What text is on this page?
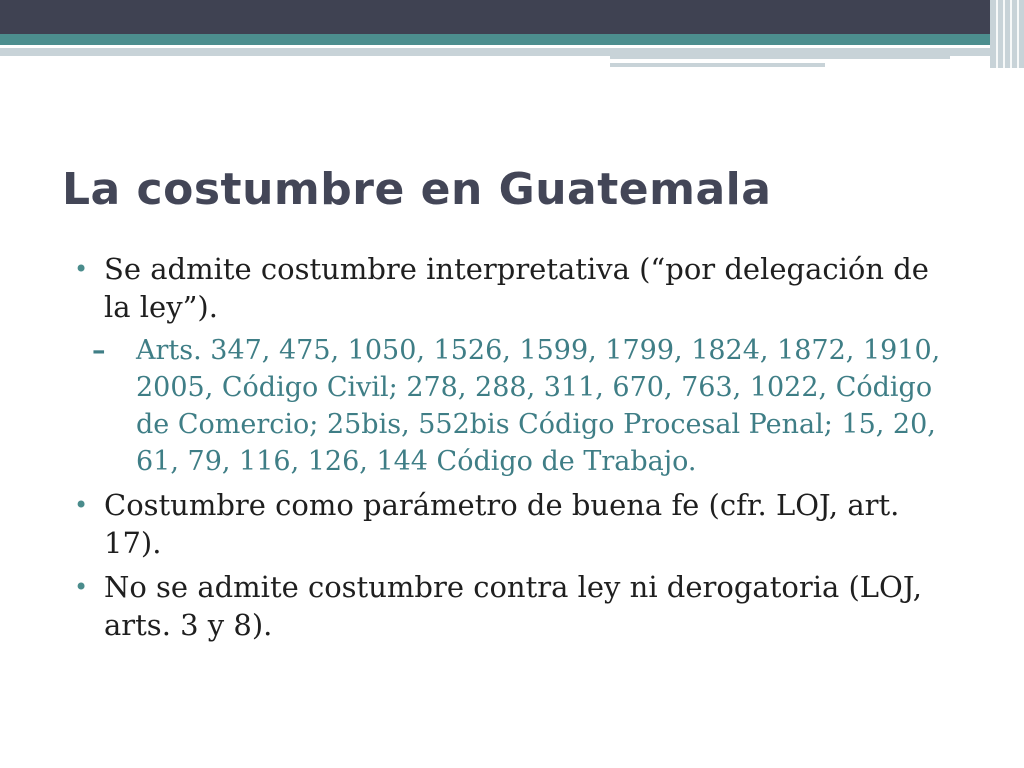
La costumbre en Guatemala
• Se admite costumbre interpretativa (“por delegación de la ley”).
– Arts. 347, 475, 1050, 1526, 1599, 1799, 1824, 1872, 1910, 2005, Código Civil; 278, 288, 311, 670, 763, 1022, Código de Comercio; 25bis, 552bis Código Procesal Penal; 15, 20, 61, 79, 116, 126, 144 Código de Trabajo.
• Costumbre como parámetro de buena fe (cfr. LOJ, art. 17).
• No se admite costumbre contra ley ni derogatoria (LOJ, arts. 3 y 8).
